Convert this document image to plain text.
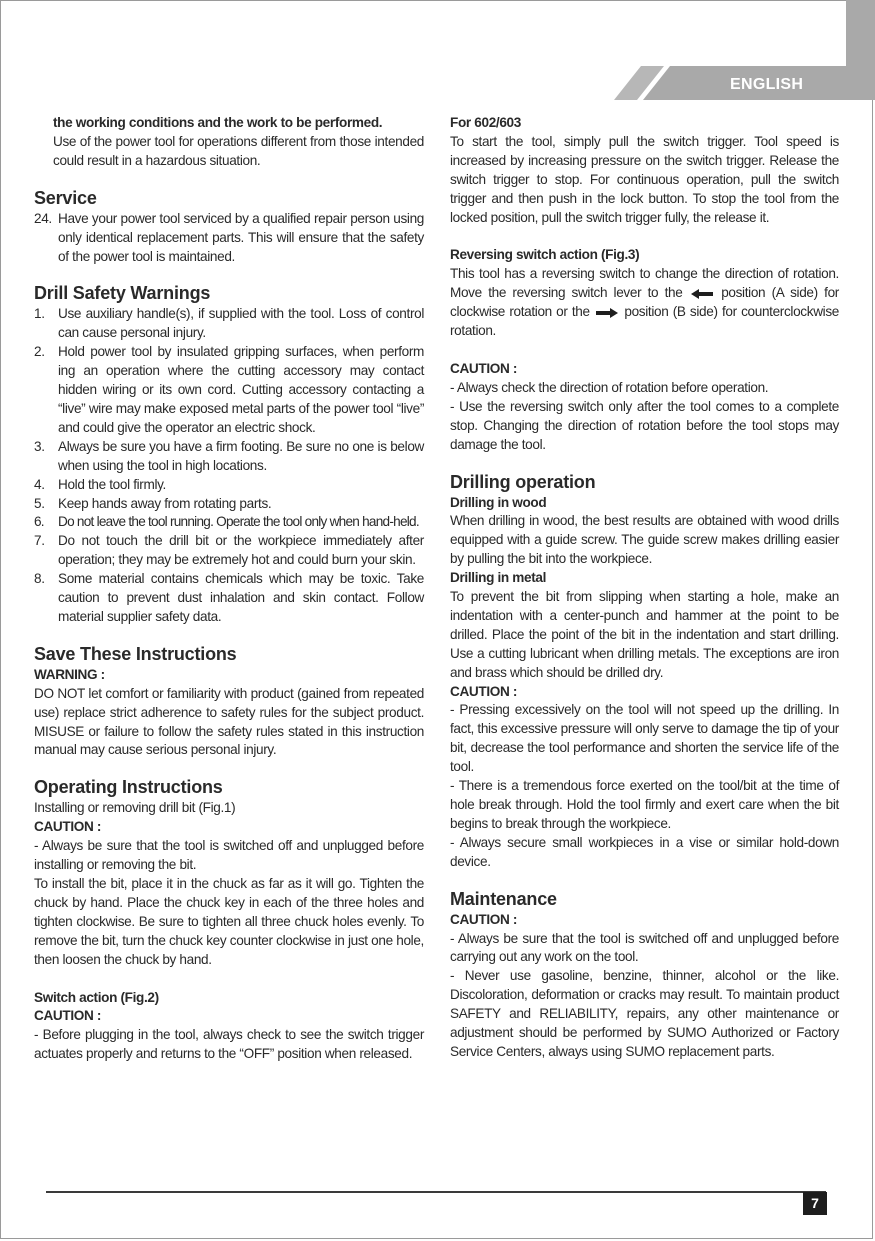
ENGLISH

the working conditions and the work to be performed.

Use of the power tool for operations different from those intended could result in a hazardous situation.

Service
24. Have your power tool serviced by a qualified repair person using only identical replacement parts. This will ensure that the safety of the power tool is maintained.
Drill Safety Warnings
1. Use auxiliary handle(s), if supplied with the tool. Loss of control can cause personal injury.
2. Hold power tool by insulated gripping surfaces, when perform ing an operation where the cutting accessory may contact hidden wiring or its own cord. Cutting accessory contacting a “live” wire may make exposed metal parts of the power tool “live” and could give the operator an electric shock.
3. Always be sure you have a firm footing. Be sure no one is below when using the tool in high locations.
4. Hold the tool firmly.
5. Keep hands away from rotating parts.
6. Do not leave the tool running. Operate the tool only when hand-held.
7. Do not touch the drill bit or the workpiece immediately after operation; they may be extremely hot and could burn your skin.
8. Some material contains chemicals which may be toxic. Take caution to prevent dust inhalation and skin contact. Follow material supplier safety data.
Save These Instructions

WARNING :

DO NOT let comfort or familiarity with product (gained from repeated use) replace strict adherence to safety rules for the subject product. MISUSE or failure to follow the safety rules stated in this instruction manual may cause serious personal injury.

Operating Instructions

Installing or removing drill bit (Fig.1)

CAUTION :

- Always be sure that the tool is switched off and unplugged before installing or removing the bit.

To install the bit, place it in the chuck as far as it will go. Tighten the chuck by hand. Place the chuck key in each of the three holes and tighten clockwise. Be sure to tighten all three chuck holes evenly. To remove the bit, turn the chuck key counter clockwise in just one hole, then loosen the chuck by hand.

Switch action (Fig.2)

CAUTION :

- Before plugging in the tool, always check to see the switch trigger actuates properly and returns to the “OFF” position when released.

For 602/603

To start the tool, simply pull the switch trigger. Tool speed is increased by increasing pressure on the switch trigger. Release the switch trigger to stop. For continuous operation, pull the switch trigger and then push in the lock button. To stop the tool from the locked position, pull the switch trigger fully, the release it.

Reversing switch action (Fig.3)

This tool has a reversing switch to change the direction of rotation. Move the reversing switch lever to the	position (A side) for clockwise rotation or the	position (B side) for counterclockwise rotation.

CAUTION :

- Always check the direction of rotation before operation.

- Use the reversing switch only after the tool comes to a complete stop. Changing the direction of rotation before the tool stops may damage the tool.

Drilling operation

Drilling in wood

When drilling in wood, the best results are obtained with wood drills equipped with a guide screw. The guide screw makes drilling easier by pulling the bit into the workpiece.

Drilling in metal

To prevent the bit from slipping when starting a hole, make an indentation with a center-punch and hammer at the point to be drilled. Place the point of the bit in the indentation and start drilling. Use a cutting lubricant when drilling metals. The exceptions are iron and brass which should be drilled dry.

CAUTION :

- Pressing excessively on the tool will not speed up the drilling. In fact, this excessive pressure will only serve to damage the tip of your bit, decrease the tool performance and shorten the service life of the tool.

- There is a tremendous force exerted on the tool/bit at the time of hole break through. Hold the tool firmly and exert care when the bit begins to break through the workpiece.

- Always secure small workpieces in a vise or similar hold-down device.

Maintenance

CAUTION :

- Always be sure that the tool is switched off and unplugged before carrying out any work on the tool.

- Never use gasoline, benzine, thinner, alcohol or the like. Discoloration, deformation or cracks may result. To maintain product SAFETY and RELIABILITY, repairs, any other maintenance or adjustment should be performed by SUMO Authorized or Factory Service Centers, always using SUMO replacement parts.

7
